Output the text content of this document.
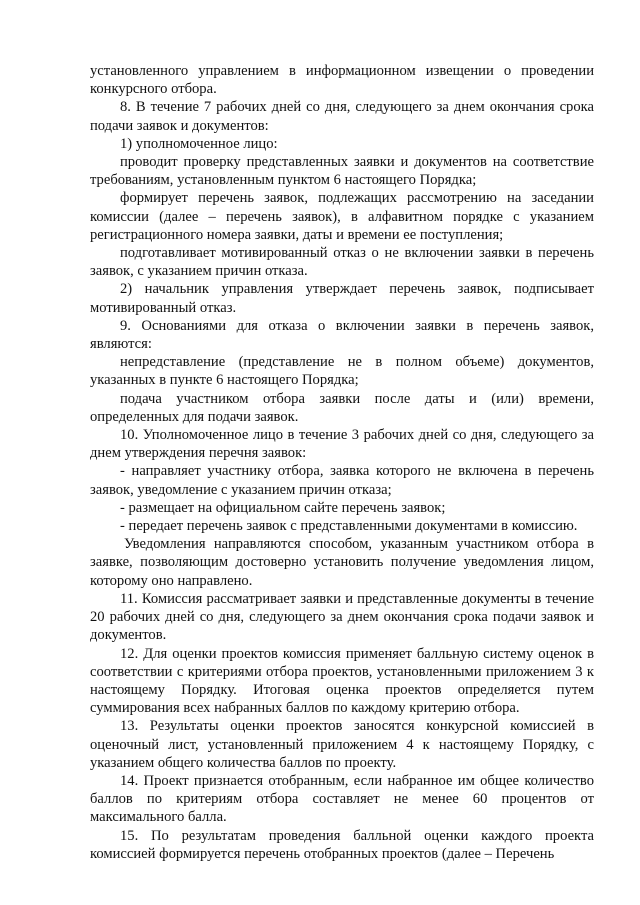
установленного управлением в информационном извещении о проведении конкурсного отбора.

8. В течение 7 рабочих дней со дня, следующего за днем окончания срока подачи заявок и документов:

1) уполномоченное лицо:

проводит проверку представленных заявки и документов на соответствие требованиям, установленным пунктом 6 настоящего Порядка;

формирует перечень заявок, подлежащих рассмотрению на заседании комиссии (далее – перечень заявок), в алфавитном порядке с указанием регистрационного номера заявки, даты и времени ее поступления;

подготавливает мотивированный отказ о не включении заявки в перечень заявок, с указанием причин отказа.

2) начальник управления утверждает перечень заявок, подписывает мотивированный отказ.

9. Основаниями для отказа о включении заявки в перечень заявок, являются:

непредставление (представление не в полном объеме) документов, указанных в пункте 6 настоящего Порядка;

подача участником отбора заявки после даты и (или) времени, определенных для подачи заявок.

10. Уполномоченное лицо в течение 3 рабочих дней со дня, следующего за днем утверждения перечня заявок:

- направляет участнику отбора, заявка которого не включена в перечень заявок, уведомление с указанием причин отказа;

- размещает на официальном сайте перечень заявок;

- передает перечень заявок с представленными документами в комиссию.

Уведомления направляются способом, указанным участником отбора в заявке, позволяющим достоверно установить получение уведомления лицом, которому оно направлено.

11. Комиссия рассматривает заявки и представленные документы в течение 20 рабочих дней со дня, следующего за днем окончания срока подачи заявок и документов.

12. Для оценки проектов комиссия применяет балльную систему оценок в соответствии с критериями отбора проектов, установленными приложением 3 к настоящему Порядку. Итоговая оценка проектов определяется путем суммирования всех набранных баллов по каждому критерию отбора.

13. Результаты оценки проектов заносятся конкурсной комиссией в оценочный лист, установленный приложением 4 к настоящему Порядку, с указанием общего количества баллов по проекту.

14. Проект признается отобранным, если набранное им общее количество баллов по критериям отбора составляет не менее 60 процентов от максимального балла.

15. По результатам проведения балльной оценки каждого проекта комиссией формируется перечень отобранных проектов (далее – Перечень
